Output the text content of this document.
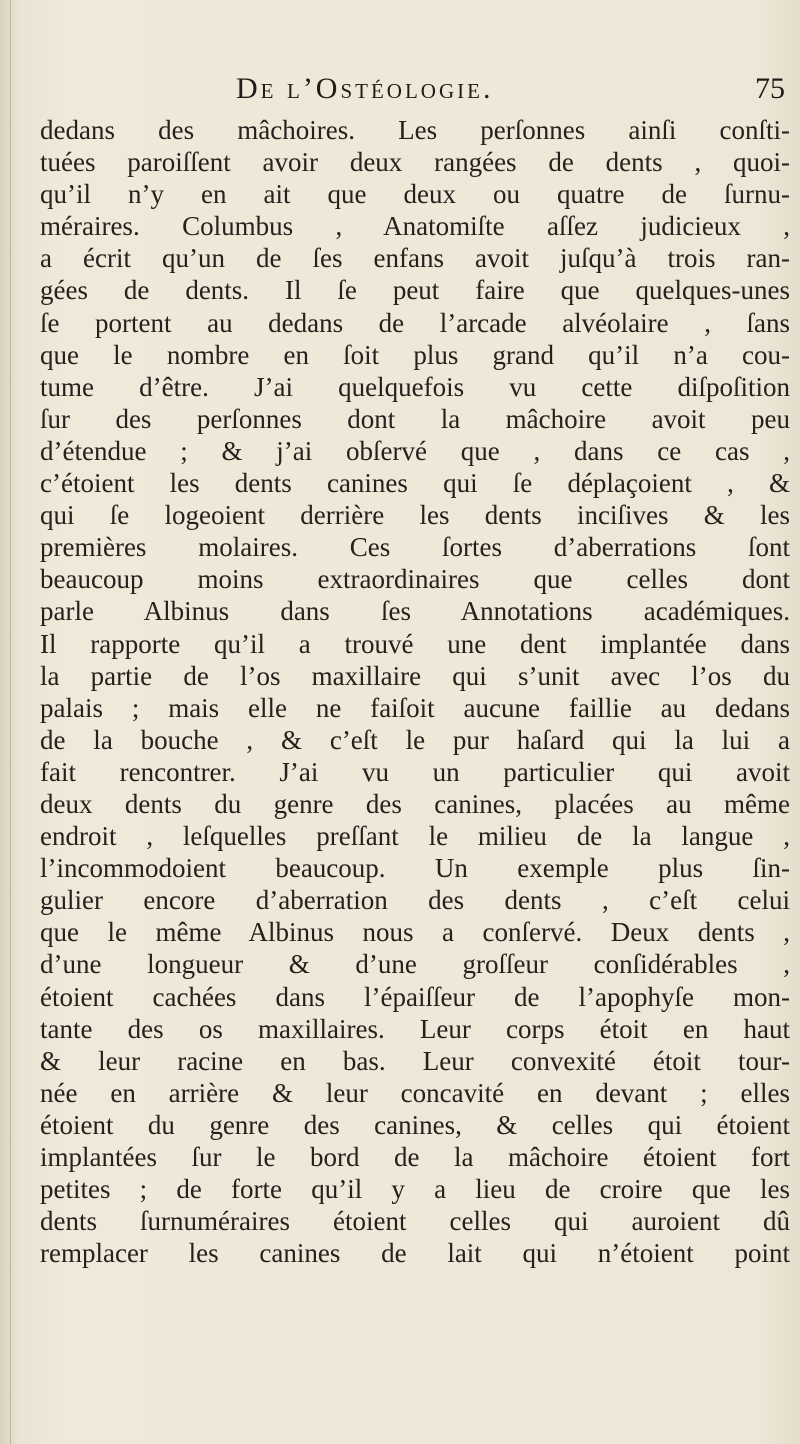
De l’Ostéologie.	75
dedans des mâchoires. Les perſonnes ainſi conſti-
tuées paroiſſent avoir deux rangées de dents , quoi-
qu’il n’y en ait que deux ou quatre de ſurnu-
méraires. Columbus , Anatomiſte aſſez judicieux ,
a écrit qu’un de ſes enfans avoit juſqu’à trois ran-
gées de dents. Il ſe peut faire que quelques-unes
ſe portent au dedans de l’arcade alvéolaire , ſans
que le nombre en ſoit plus grand qu’il n’a cou-
tume d’être. J’ai quelquefois vu cette diſpoſition
ſur des perſonnes dont la mâchoire avoit peu
d’étendue ; & j’ai obſervé que , dans ce cas ,
c’étoient les dents canines qui ſe déplaçoient , &
qui ſe logeoient derrière les dents inciſives & les
premières molaires. Ces ſortes d’aberrations ſont
beaucoup moins extraordinaires que celles dont
parle Albinus dans ſes Annotations académiques.
Il rapporte qu’il a trouvé une dent implantée dans
la partie de l’os maxillaire qui s’unit avec l’os du
palais ; mais elle ne faiſoit aucune faillie au dedans
de la bouche , & c’eſt le pur haſard qui la lui a
fait rencontrer. J’ai vu un particulier qui avoit
deux dents du genre des canines, placées au même
endroit , leſquelles preſſant le milieu de la langue ,
l’incommodoient beaucoup. Un exemple plus ſin-
gulier encore d’aberration des dents , c’eſt celui
que le même Albinus nous a conſervé. Deux dents ,
d’une longueur & d’une groſſeur conſidérables ,
étoient cachées dans l’épaiſſeur de l’apophyſe mon-
tante des os maxillaires. Leur corps étoit en haut
& leur racine en bas. Leur convexité étoit tour-
née en arrière & leur concavité en devant ; elles
étoient du genre des canines, & celles qui étoient
implantées ſur le bord de la mâchoire étoient fort
petites ; de forte qu’il y a lieu de croire que les
dents ſurnuméraires étoient celles qui auroient dû
remplacer les canines de lait qui n’étoient point
